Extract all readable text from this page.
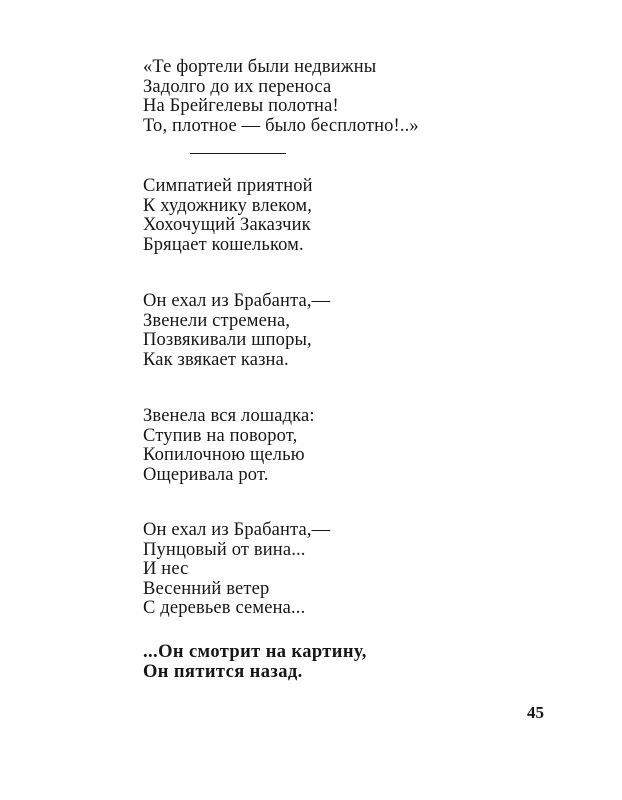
«Те фортели были недвижны
Задолго до их переноса
На Брейгелевы полотна!
То, плотное — было бесплотно!..»
Симпатией приятной
К художнику влеком,
Хохочущий Заказчик
Бряцает кошельком.
Он ехал из Брабанта,—
Звенели стремена,
Позвякивали шпоры,
Как звякает казна.
Звенела вся лошадка:
Ступив на поворот,
Копилочною щелью
Ощеривала рот.
Он ехал из Брабанта,—
Пунцовый от вина...
И нес
Весенний ветер
С деревьев семена...
...Он смотрит на картину,
Он пятится назад.
45
